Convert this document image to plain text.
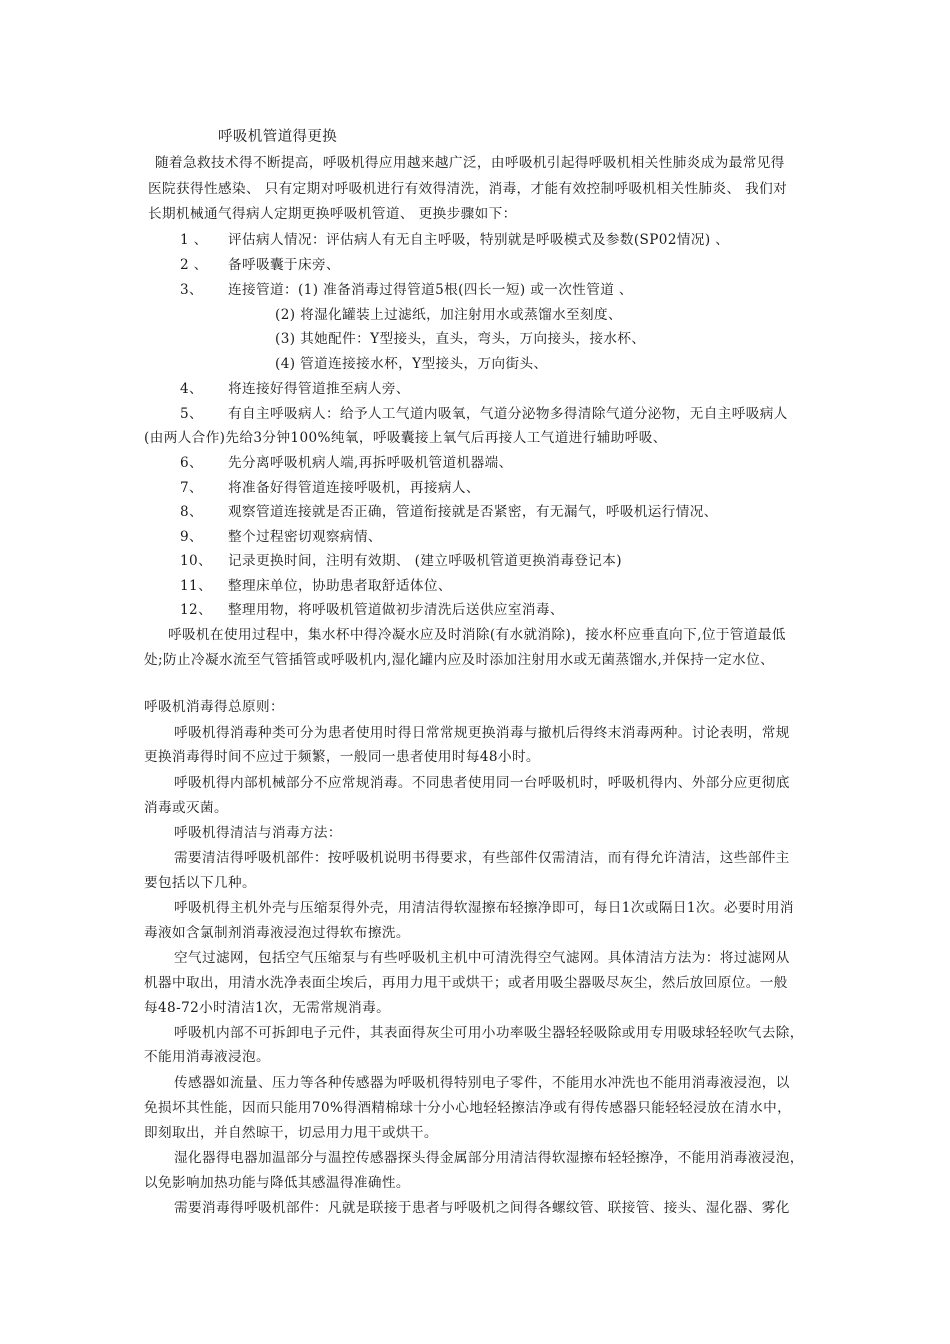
呼吸机管道得更换
随着急救技术得不断提高，呼吸机得应用越来越广泛，由呼吸机引起得呼吸机相关性肺炎成为最常见得
医院获得性感染、 只有定期对呼吸机进行有效得清洗，消毒，才能有效控制呼吸机相关性肺炎、 我们对
长期机械通气得病人定期更换呼吸机管道、 更换步骤如下：
1 、 评估病人情况：评估病人有无自主呼吸，特别就是呼吸模式及参数(SP02情况) 、
2 、 备呼吸囊于床旁、
3、 连接管道：(1) 准备消毒过得管道5根(四长一短) 或一次性管道 、
(2) 将湿化罐装上过滤纸，加注射用水或蒸馏水至刻度、
(3) 其她配件：Y型接头，直头，弯头，万向接头，接水杯、
(4) 管道连接接水杯，Y型接头，万向街头、
4、 将连接好得管道推至病人旁、
5、 有自主呼吸病人：给予人工气道内吸氧，气道分泌物多得清除气道分泌物，无自主呼吸病人
(由两人合作)先给3分钟100%纯氧，呼吸囊接上氧气后再接人工气道进行辅助呼吸、
6、 先分离呼吸机病人端,再拆呼吸机管道机器端、
7、 将准备好得管道连接呼吸机，再接病人、
8、 观察管道连接就是否正确，管道衔接就是否紧密，有无漏气，呼吸机运行情况、
9、 整个过程密切观察病情、
10、 记录更换时间，注明有效期、 (建立呼吸机管道更换消毒登记本)
11、 整理床单位，协助患者取舒适体位、
12、 整理用物，将呼吸机管道做初步清洗后送供应室消毒、
呼吸机在使用过程中，集水杯中得冷凝水应及时消除(有水就消除)，接水杯应垂直向下,位于管道最低
处;防止冷凝水流至气管插管或呼吸机内,湿化罐内应及时添加注射用水或无菌蒸馏水,并保持一定水位、
呼吸机消毒得总原则：
呼吸机得消毒种类可分为患者使用时得日常常规更换消毒与撤机后得终末消毒两种。讨论表明，常规
更换消毒得时间不应过于频繁，一般同一患者使用时每48小时。
呼吸机得内部机械部分不应常规消毒。不同患者使用同一台呼吸机时，呼吸机得内、外部分应更彻底
消毒或灭菌。
呼吸机得清洁与消毒方法：
需要清洁得呼吸机部件：按呼吸机说明书得要求，有些部件仅需清洁，而有得允许清洁，这些部件主
要包括以下几种。
呼吸机得主机外壳与压缩泵得外壳，用清洁得软湿擦布轻擦净即可，每日1次或隔日1次。必要时用消
毒液如含氯制剂消毒液浸泡过得软布擦洗。
空气过滤网，包括空气压缩泵与有些呼吸机主机中可清洗得空气滤网。具体清洁方法为：将过滤网从
机器中取出，用清水洗净表面尘埃后，再用力甩干或烘干；或者用吸尘器吸尽灰尘，然后放回原位。一般
每48-72小时清洁1次，无需常规消毒。
呼吸机内部不可拆卸电子元件，其表面得灰尘可用小功率吸尘器轻轻吸除或用专用吸球轻轻吹气去除，
不能用消毒液浸泡。
传感器如流量、压力等各种传感器为呼吸机得特别电子零件，不能用水冲洗也不能用消毒液浸泡，以
免损坏其性能，因而只能用70%得酒精棉球十分小心地轻轻擦洁净或有得传感器只能轻轻浸放在清水中，
即刻取出，并自然晾干，切忌用力甩干或烘干。
湿化器得电器加温部分与温控传感器探头得金属部分用清洁得软湿擦布轻轻擦净，不能用消毒液浸泡，
以免影响加热功能与降低其感温得准确性。
需要消毒得呼吸机部件：凡就是联接于患者与呼吸机之间得各螺纹管、联接管、接头、湿化器、雾化
